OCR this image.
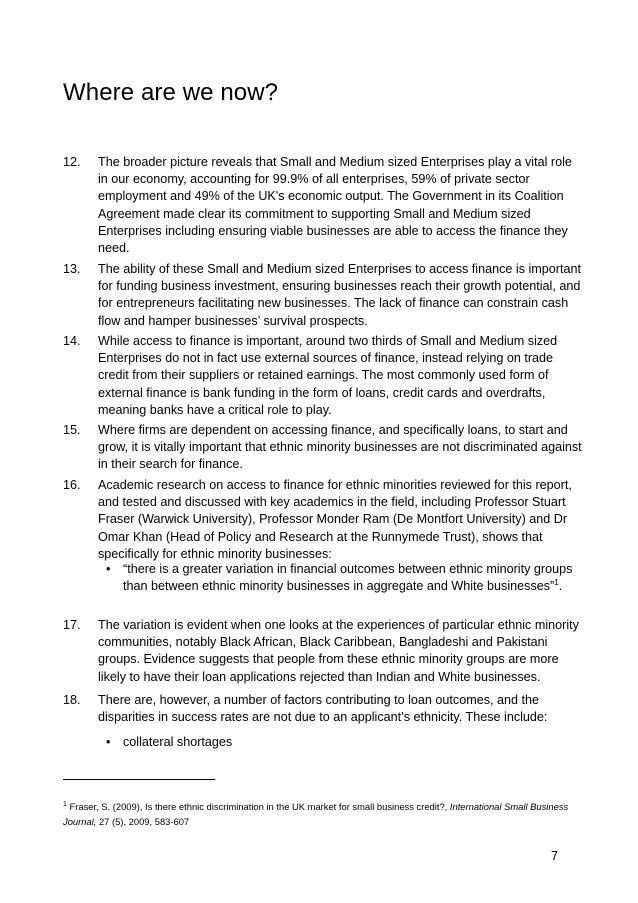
Where are we now?
12. The broader picture reveals that Small and Medium sized Enterprises play a vital role in our economy, accounting for 99.9% of all enterprises, 59% of private sector employment and 49% of the UK's economic output. The Government in its Coalition Agreement made clear its commitment to supporting Small and Medium sized Enterprises including ensuring viable businesses are able to access the finance they need.
13. The ability of these Small and Medium sized Enterprises to access finance is important for funding business investment, ensuring businesses reach their growth potential, and for entrepreneurs facilitating new businesses. The lack of finance can constrain cash flow and hamper businesses’ survival prospects.
14. While access to finance is important, around two thirds of Small and Medium sized Enterprises do not in fact use external sources of finance, instead relying on trade credit from their suppliers or retained earnings. The most commonly used form of external finance is bank funding in the form of loans, credit cards and overdrafts, meaning banks have a critical role to play.
15. Where firms are dependent on accessing finance, and specifically loans, to start and grow, it is vitally important that ethnic minority businesses are not discriminated against in their search for finance.
16. Academic research on access to finance for ethnic minorities reviewed for this report, and tested and discussed with key academics in the field, including Professor Stuart Fraser (Warwick University), Professor Monder Ram (De Montfort University) and Dr Omar Khan (Head of Policy and Research at the Runnymede Trust), shows that specifically for ethnic minority businesses:
• “there is a greater variation in financial outcomes between ethnic minority groups than between ethnic minority businesses in aggregate and White businesses”$^1$.
17. The variation is evident when one looks at the experiences of particular ethnic minority communities, notably Black African, Black Caribbean, Bangladeshi and Pakistani groups. Evidence suggests that people from these ethnic minority groups are more likely to have their loan applications rejected than Indian and White businesses.
18. There are, however, a number of factors contributing to loan outcomes, and the disparities in success rates are not due to an applicant’s ethnicity. These include:
• collateral shortages
$^1$ Fraser, S. (2009), Is there ethnic discrimination in the UK market for small business credit?, International Small Business Journal, 27 (5), 2009, 583-607
7
